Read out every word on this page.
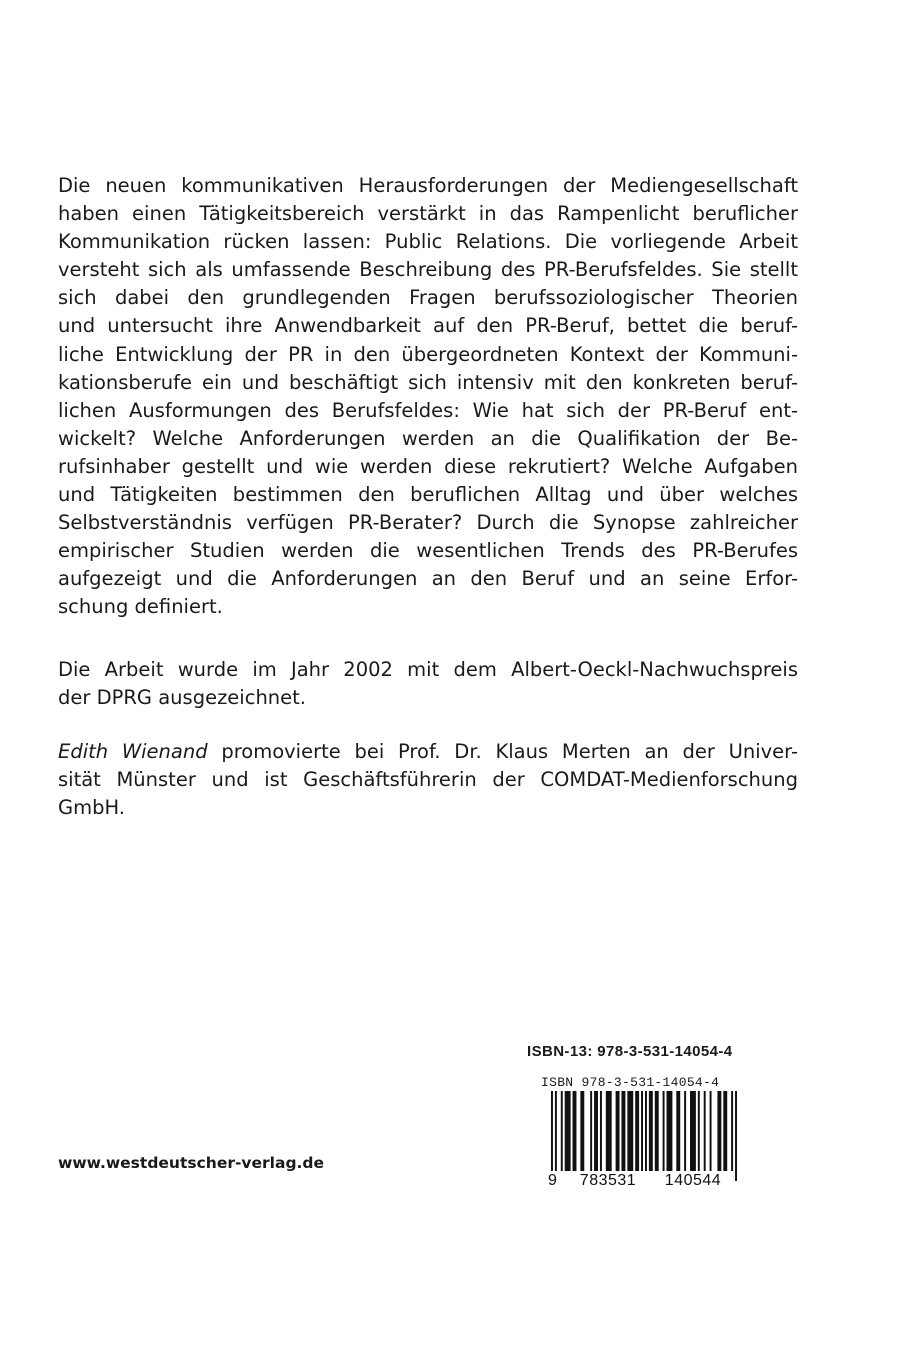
Die neuen kommunikativen Herausforderungen der Mediengesellschaft
haben einen Tätigkeitsbereich verstärkt in das Rampenlicht beruflicher
Kommunikation rücken lassen: Public Relations. Die vorliegende Arbeit
versteht sich als umfassende Beschreibung des PR-Berufsfeldes. Sie stellt
sich dabei den grundlegenden Fragen berufssoziologischer Theorien
und untersucht ihre Anwendbarkeit auf den PR-Beruf, bettet die beruf-
liche Entwicklung der PR in den übergeordneten Kontext der Kommuni-
kationsberufe ein und beschäftigt sich intensiv mit den konkreten beruf-
lichen Ausformungen des Berufsfeldes: Wie hat sich der PR-Beruf ent-
wickelt? Welche Anforderungen werden an die Qualifikation der Be-
rufsinhaber gestellt und wie werden diese rekrutiert? Welche Aufgaben
und Tätigkeiten bestimmen den beruflichen Alltag und über welches
Selbstverständnis verfügen PR-Berater? Durch die Synopse zahlreicher
empirischer Studien werden die wesentlichen Trends des PR-Berufes
aufgezeigt und die Anforderungen an den Beruf und an seine Erfor-
schung definiert.
Die Arbeit wurde im Jahr 2002 mit dem Albert-Oeckl-Nachwuchspreis
der DPRG ausgezeichnet.
Edith Wienand promovierte bei Prof. Dr. Klaus Merten an der Univer-
sität Münster und ist Geschäftsführerin der COMDAT-Medienforschung
GmbH.
ISBN-13: 978-3-531-14054-4
ISBN 978-3-531-14054-4
9 783531 140544
www.westdeutscher-verlag.de
